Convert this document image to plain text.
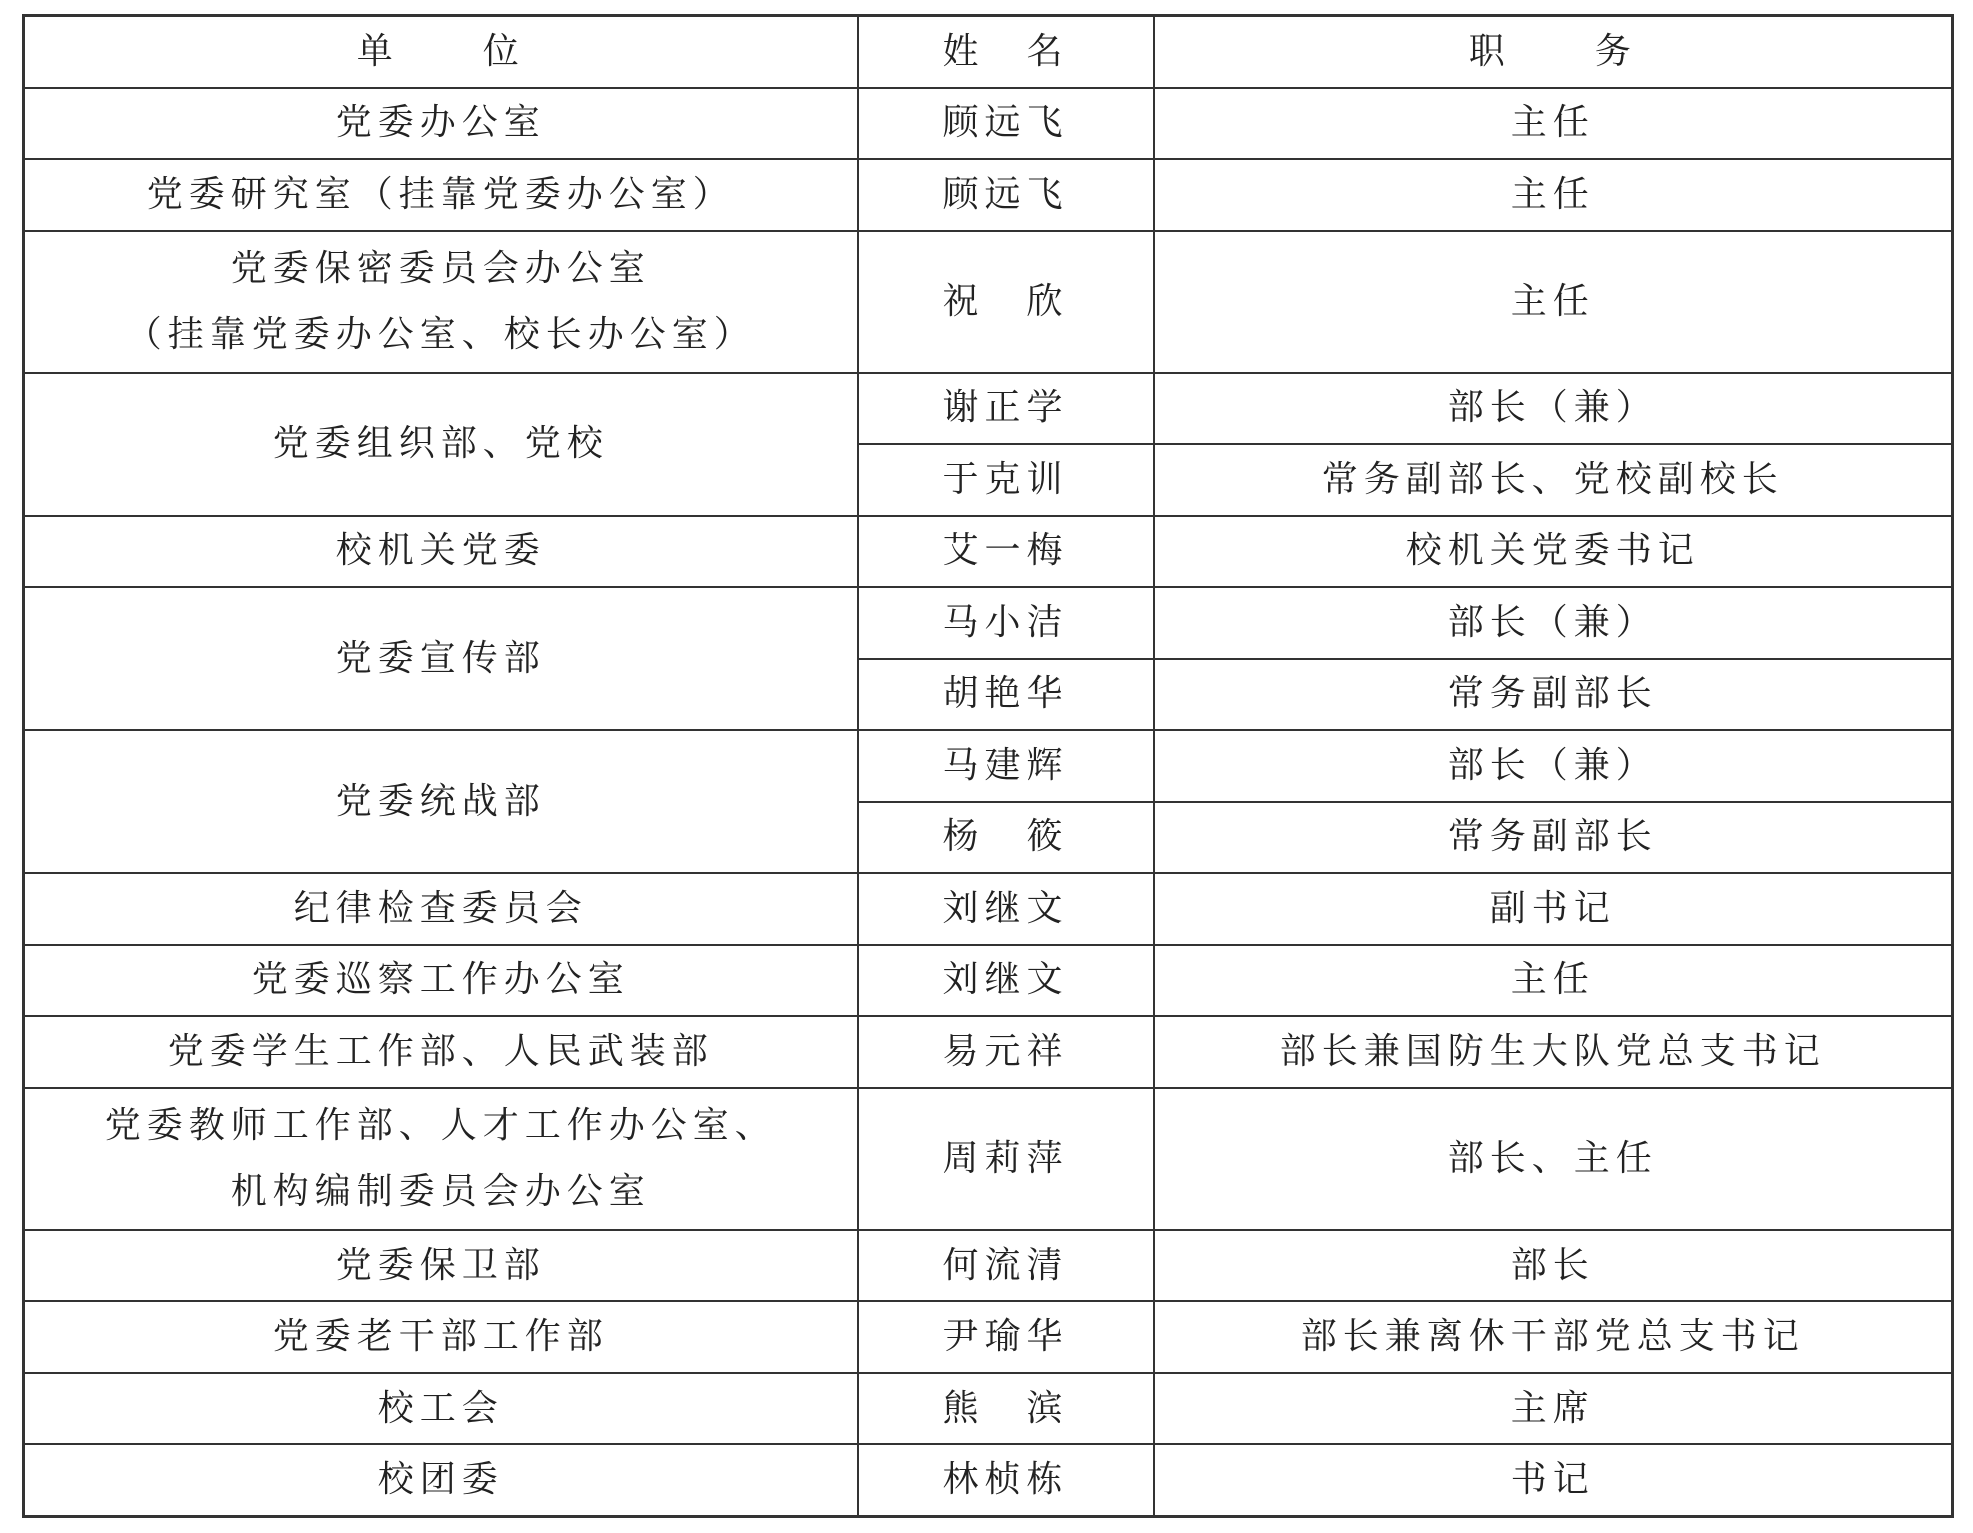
单　　位	姓　名	职　　务
党委办公室	顾远飞	主任
党委研究室（挂靠党委办公室）	顾远飞	主任

党委保密委员会办公室
（挂靠党委办公室、校长办公室）	祝　欣	主任
党委组织部、党校	谢正学	部长（兼）
	于克训	常务副部长、党校副校长
校机关党委	艾一梅	校机关党委书记
党委宣传部	马小洁	部长（兼）
	胡艳华	常务副部长
党委统战部	马建辉	部长（兼）
	杨　筱	常务副部长
纪律检查委员会	刘继文	副书记
党委巡察工作办公室	刘继文	主任
党委学生工作部、人民武装部	易元祥	部长兼国防生大队党总支书记

党委教师工作部、人才工作办公室、
机构编制委员会办公室	周莉萍	部长、主任
党委保卫部	何流清	部长
党委老干部工作部	尹瑜华	部长兼离休干部党总支书记
校工会	熊　滨	主席
校团委	林桢栋	书记
